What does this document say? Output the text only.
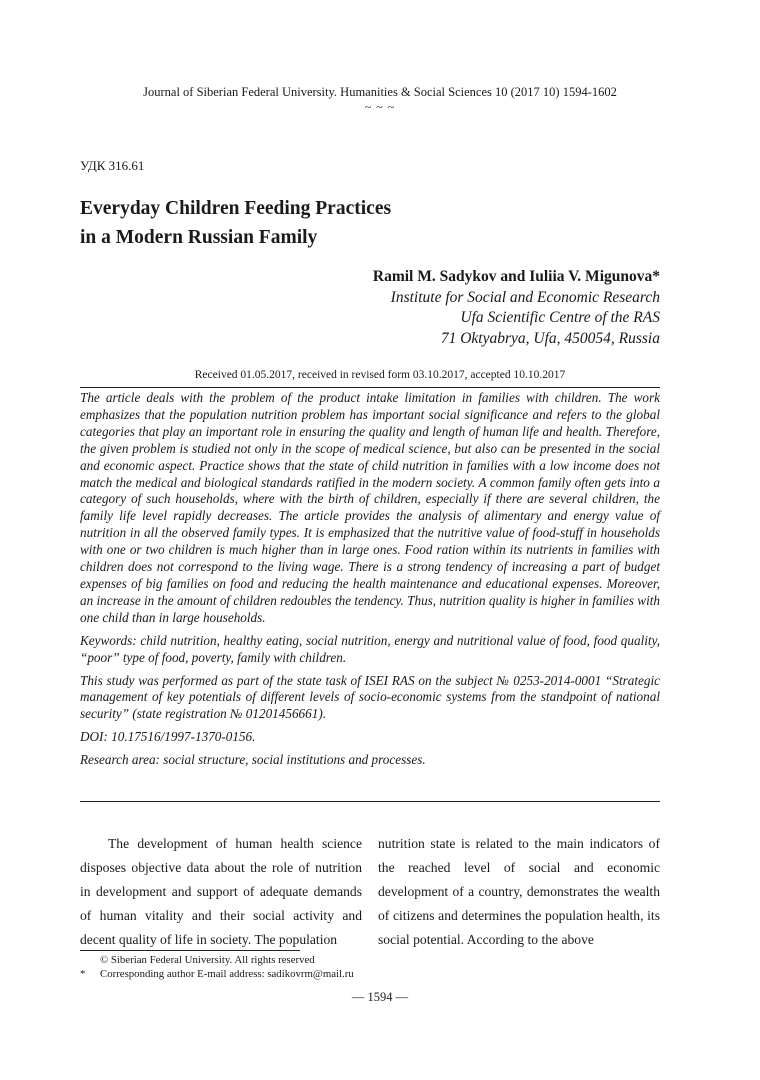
Journal of Siberian Federal University. Humanities & Social Sciences 10 (2017 10) 1594-1602
~ ~ ~
УДК 316.61
Everyday Children Feeding Practices
in a Modern Russian Family
Ramil M. Sadykov and Iuliia V. Migunova*
Institute for Social and Economic Research
Ufa Scientific Centre of the RAS
71 Oktyabrya, Ufa, 450054, Russia
Received 01.05.2017, received in revised form 03.10.2017, accepted 10.10.2017

The article deals with the problem of the product intake limitation in families with children. The work emphasizes that the population nutrition problem has important social significance and refers to the global categories that play an important role in ensuring the quality and length of human life and health. Therefore, the given problem is studied not only in the scope of medical science, but also can be presented in the social and economic aspect. Practice shows that the state of child nutrition in families with a low income does not match the medical and biological standards ratified in the modern society. A common family often gets into a category of such households, where with the birth of children, especially if there are several children, the family life level rapidly decreases. The article provides the analysis of alimentary and energy value of nutrition in all the observed family types. It is emphasized that the nutritive value of food-stuff in households with one or two children is much higher than in large ones. Food ration within its nutrients in families with children does not correspond to the living wage. There is a strong tendency of increasing a part of budget expenses of big families on food and reducing the health maintenance and educational expenses. Moreover, an increase in the amount of children redoubles the tendency. Thus, nutrition quality is higher in families with one child than in large households.

Keywords: child nutrition, healthy eating, social nutrition, energy and nutritional value of food, food quality, “poor” type of food, poverty, family with children.

This study was performed as part of the state task of ISEI RAS on the subject № 0253-2014-0001 “Strategic management of key potentials of different levels of socio-economic systems from the standpoint of national security” (state registration № 01201456661).

DOI: 10.17516/1997-1370-0156.

Research area: social structure, social institutions and processes.

The development of human health science disposes objective data about the role of nutrition in development and support of adequate demands of human vitality and their social activity and decent quality of life in society. The population

nutrition state is related to the main indicators of the reached level of social and economic development of a country, demonstrates the wealth of citizens and determines the population health, its social potential. According to the above

© Siberian Federal University. All rights reserved
* Corresponding author E-mail address: sadikovrm@mail.ru
— 1594 —
